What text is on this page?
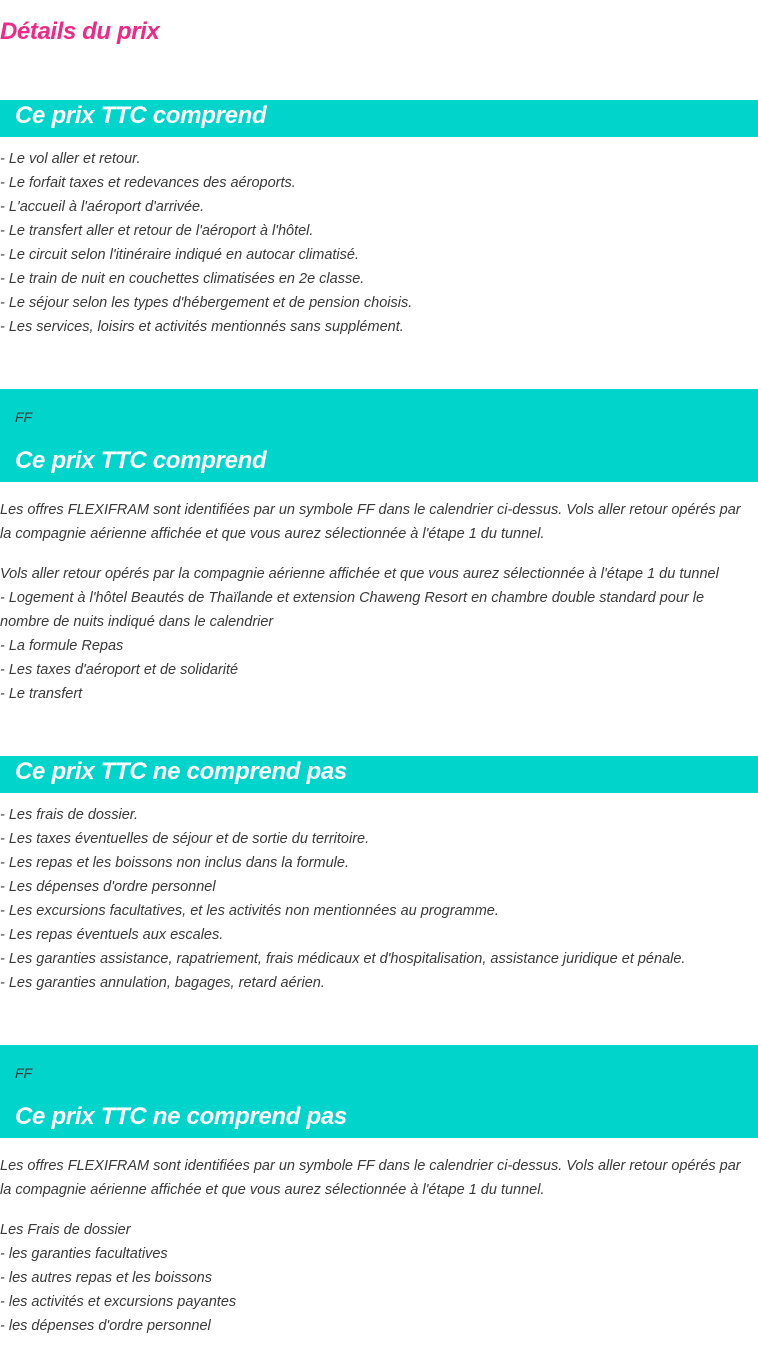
Détails du prix
Ce prix TTC comprend
- Le vol aller et retour.
- Le forfait taxes et redevances des aéroports.
- L'accueil à l'aéroport d'arrivée.
- Le transfert aller et retour de l'aéroport à l'hôtel.
- Le circuit selon l'itinéraire indiqué en autocar climatisé.
- Le train de nuit en couchettes climatisées en 2e classe.
- Le séjour selon les types d'hébergement et de pension choisis.
- Les services, loisirs et activités mentionnés sans supplément.
FF
Ce prix TTC comprend

Les offres FLEXIFRAM sont identifiées par un symbole FF dans le calendrier ci-dessus. Vols aller retour opérés par la compagnie aérienne affichée et que vous aurez sélectionnée à l'étape 1 du tunnel.

Vols aller retour opérés par la compagnie aérienne affichée et que vous aurez sélectionnée à l'étape 1 du tunnel
- Logement à l'hôtel Beautés de Thaïlande et extension Chaweng Resort en chambre double standard pour le nombre de nuits indiqué dans le calendrier
- La formule Repas
- Les taxes d'aéroport et de solidarité
- Le transfert
Ce prix TTC ne comprend pas
- Les frais de dossier.
- Les taxes éventuelles de séjour et de sortie du territoire.
- Les repas et les boissons non inclus dans la formule.
- Les dépenses d'ordre personnel
- Les excursions facultatives, et les activités non mentionnées au programme.
- Les repas éventuels aux escales.
- Les garanties assistance, rapatriement, frais médicaux et d'hospitalisation, assistance juridique et pénale.
- Les garanties annulation, bagages, retard aérien.
FF
Ce prix TTC ne comprend pas

Les offres FLEXIFRAM sont identifiées par un symbole FF dans le calendrier ci-dessus. Vols aller retour opérés par la compagnie aérienne affichée et que vous aurez sélectionnée à l'étape 1 du tunnel.

Les Frais de dossier
- les garanties facultatives
- les autres repas et les boissons
- les activités et excursions payantes
- les dépenses d'ordre personnel
